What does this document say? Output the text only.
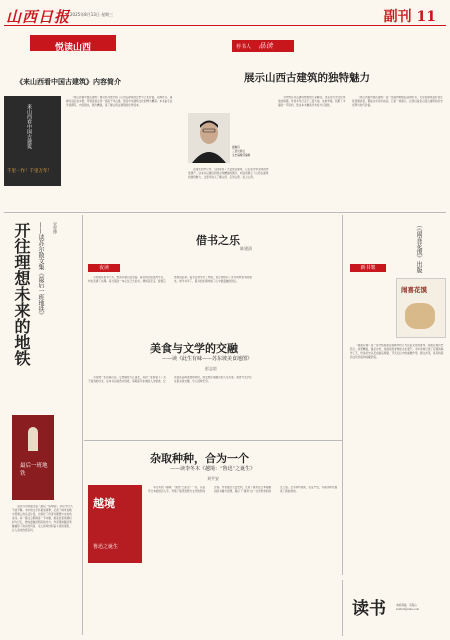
山西日报 2025年8月13日 星期三	副刊 11
悦读山西
《来山西看中国古建筑》内容简介
来山西看中国古建筑
千里一作！千里万年！

《来山西看中国古建筑》图文并茂地介绍了山西古建筑的历史与艺术价值，从佛光寺、南禅寺到应县木塔，带领读者走进一座座千年古建，感受中华建筑文化的博大精深。本书由专业学者撰写，内容翔实，图片精美，是了解山西古建筑的优秀读本。

荐书人 品读
展示山西古建筑的独特魅力
谢琳丹
三晋出版社
文史编辑部编辑

在漫长的岁月中，山西保存了大量的古建筑，它们是中华文明的珍贵遗产。这本书以通俗的语言和精美的图片，向读者展示了山西古建筑的独特魅力，让更多的人了解山西、走进山西、爱上山西。

书中既有对古建筑结构的专业解读，也有对历史文化背景的梳理。作者多年行走于三晋大地，实地考察，积累了丰富的一手资料，使这本书兼具学术性与可读性。

《来山西看中国古建筑》是一部值得细细品读的好书，无论是建筑爱好者还是普通读者，都能从中有所收获。它是一扇窗口，让我们看见山西古建筑的历史光辉与时代价值。

开往理想未来的地铁	——读苏尔散文集《最后一班地铁》 宋智博
最后一班地铁

读完苏尔的散文集《最后一班地铁》，我心中久久不能平静。书中的文字朴素而真挚，记录了城市夜晚中普通人的生活片段，也寄托了作者对理想与未来的追寻。每一篇文章都像是一节车厢，载着读者穿越时间与记忆，驶向温暖而明亮的远方。作者用细腻的笔触描绘了故乡的风景、亲人的牵挂和奋斗者的身影，让人读来倍感亲切。

借书之乐
陈建清
夜读

小时候家里书不多，想读书就只能去借。借书的过程虽然辛苦，却也充满了乐趣。每当借到一本心仪已久的书，便如获至宝，废寝忘食地读起来。借书让我学会了珍惜，也让我结识了许多同样爱书的朋友。如今书多了，借书的乐趣却成了心中最温暖的回忆。

美食与文学的交融
——读《此生有味——苏东坡美食地图》
彭志宸

苏东坡一生宦海沉浮，足迹遍布大江南北，每到一处都留下了关于美食的诗文。这本书以美食为线索，串联起苏东坡的人生轨迹，让读者在品味美食的同时，感受他乐观豁达的人生态度。美食与文学在这里完美交融，令人回味无穷。

（《闹喜花馍》出版
新书架
闹喜花馍

《闹喜花馍》是一部介绍闻喜花馍制作技艺与民俗文化的著作。闻喜花馍历史悠久，造型精美，寓意吉祥，是国家级非物质文化遗产。书中详细记录了花馍的制作工艺、传承历史以及在婚丧嫁娶、节庆礼仪中的重要作用，图文并茂，具有较高的文化价值和收藏价值。

杂取种种，合为一个
——读李冬木《越境：“鲁迅”之诞生》
刘平安
越境
鲁迅之诞生

李冬木的《越境：“鲁迅”之诞生》一书，从留学日本的经历入手，考察了鲁迅思想与文学的形成过程。作者通过大量史料，还原了鲁迅在日本接触到的书籍与思想，揭示了“鲁迅”这一文学形象的诞生之谜。全书资料翔实，论证严密，为鲁迅研究提供了新的视角。

读书	本版责编：宋海山
sxdbdt@sina.com
